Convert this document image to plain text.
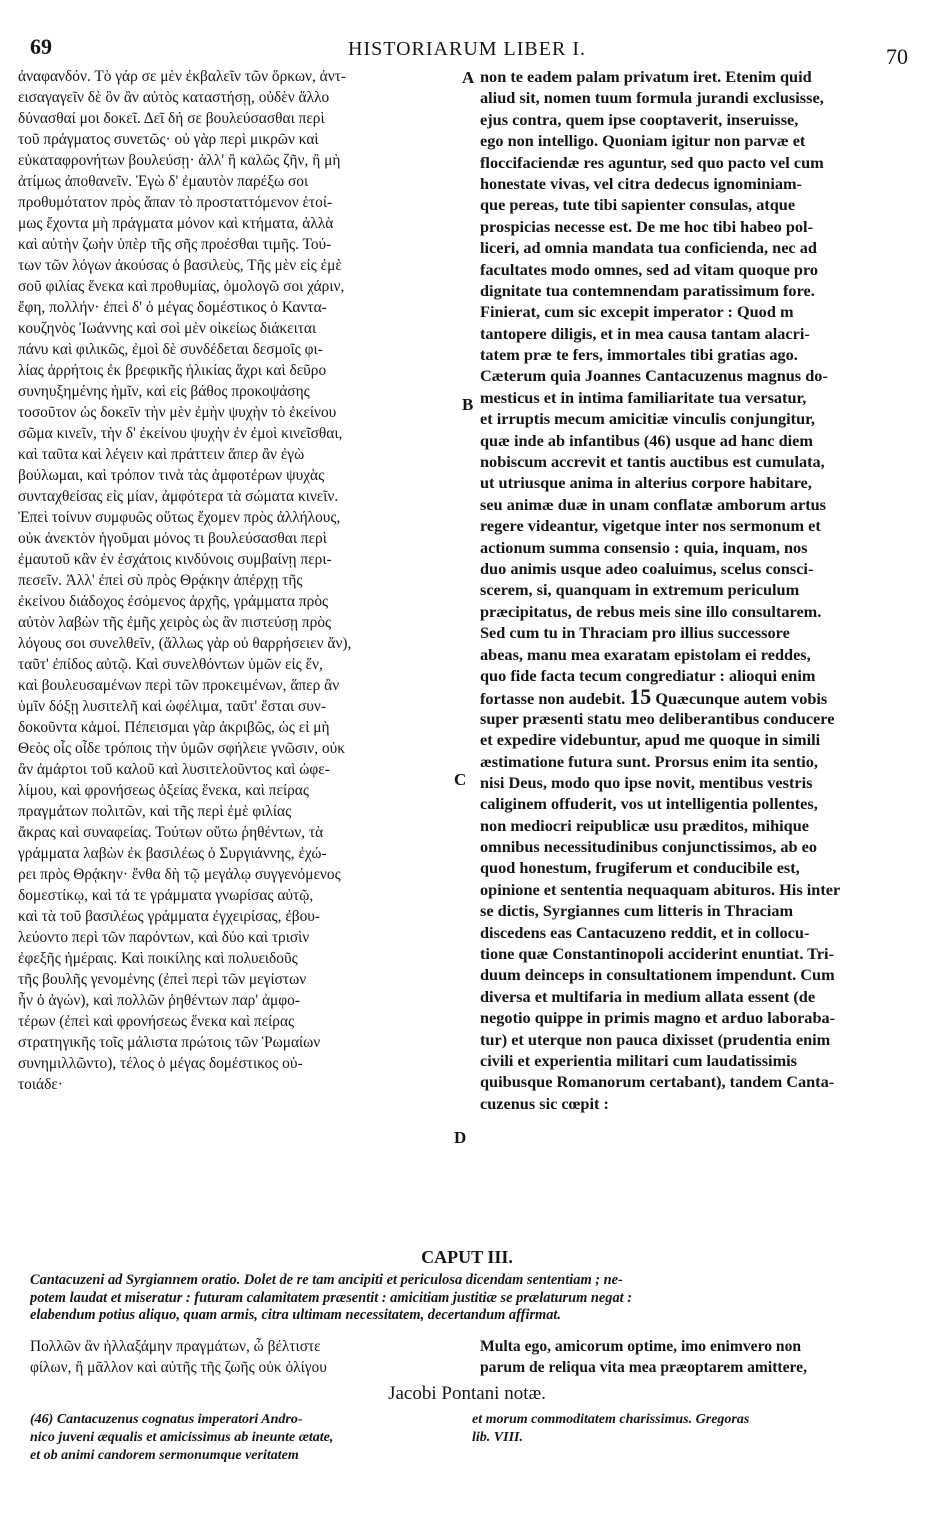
69	HISTORIARUM LIBER I.	70
ἀναφανδόν. Τὸ γάρ σε μὲν ἐκβαλεῖν τῶν ὅρκων, ἀντ-
εισαγαγεῖν δὲ ὃν ἂν αὐτὸς καταστήσῃ, οὐδὲν ἄλλο
δύνασθαί μοι δοκεῖ. Δεῖ δή σε βουλεύσασθαι περὶ
τοῦ πράγματος συνετῶς· οὐ γὰρ περὶ μικρῶν καὶ
εὐκαταφρονήτων βουλεύσῃ· ἀλλ' ἢ καλῶς ζῆν, ἢ μὴ
ἀτίμως ἀποθανεῖν. Ἐγὼ δ' ἐμαυτὸν παρέξω σοι
προθυμότατον πρὸς ἅπαν τὸ προσταττόμενον ἑτοί-
μως ἔχοντα μὴ πράγματα μόνον καὶ κτήματα, ἀλλὰ
καὶ αὐτὴν ζωὴν ὑπὲρ τῆς σῆς προέσθαι τιμῆς. Τού-
των τῶν λόγων ἀκούσας ὁ βασιλεὺς, Τῆς μὲν εἰς ἐμὲ
σοῦ φιλίας ἕνεκα καὶ προθυμίας, ὁμολογῶ σοι χάριν,
ἔφη, πολλήν· ἐπεὶ δ' ὁ μέγας δομέστικος ὁ Καντα-
κουζηνὸς Ἰωάννης καὶ σοὶ μὲν οἰκείως διάκειται
πάνυ καὶ φιλικῶς, ἐμοὶ δὲ συνδέδεται δεσμοῖς φι-
λίας ἀρρήτοις ἐκ βρεφικῆς ἡλικίας ἄχρι καὶ δεῦρο
συνηυξημένης ἡμῖν, καὶ εἰς βάθος προκοψάσης
τοσοῦτον ὡς δοκεῖν τὴν μὲν ἐμὴν ψυχὴν τὸ ἐκείνου
σῶμα κινεῖν, τὴν δ' ἐκείνου ψυχὴν ἐν ἐμοὶ κινεῖσθαι,
καὶ ταῦτα καὶ λέγειν καὶ πράττειν ἅπερ ἂν ἐγὼ
βούλωμαι, καὶ τρόπον τινὰ τὰς ἀμφοτέρων ψυχὰς
συνταχθείσας εἰς μίαν, ἀμφότερα τὰ σώματα κινεῖν.
Ἐπεὶ τοίνυν συμφυῶς οὕτως ἔχομεν πρὸς ἀλλήλους,
οὐκ ἀνεκτὸν ἡγοῦμαι μόνος τι βουλεύσασθαι περὶ
ἐμαυτοῦ κἂν ἐν ἐσχάτοις κινδύνοις συμβαίνῃ περι-
πεσεῖν. Ἀλλ' ἐπεὶ σὺ πρὸς Θρᾴκην ἀπέρχῃ τῆς
ἐκείνου διάδοχος ἐσόμενος ἀρχῆς, γράμματα πρὸς
αὐτὸν λαβὼν τῆς ἐμῆς χειρὸς ὡς ἂν πιστεύσῃ πρὸς
λόγους σοι συνελθεῖν, (ἄλλως γὰρ οὐ θαρρήσειεν ἄν),
ταῦτ' ἐπίδος αὐτῷ. Καὶ συνελθόντων ὑμῶν εἰς ἕν,
καὶ βουλευσαμένων περὶ τῶν προκειμένων, ἅπερ ἂν
ὑμῖν δόξῃ λυσιτελῆ καὶ ὠφέλιμα, ταῦτ' ἔσται συν-
δοκοῦντα κἀμοί. Πέπεισμαι γὰρ ἀκριβῶς, ὡς εἰ μὴ
Θεὸς οἷς οἶδε τρόποις τὴν ὑμῶν σφήλειε γνῶσιν, οὐκ
ἂν ἁμάρτοι τοῦ καλοῦ καὶ λυσιτελοῦντος καὶ ὠφε-
λίμου, καὶ φρονήσεως ὀξείας ἕνεκα, καὶ πείρας
πραγμάτων πολιτῶν, καὶ τῆς περὶ ἐμὲ φιλίας
ἄκρας καὶ συναφείας. Τούτων οὕτω ῥηθέντων, τὰ
γράμματα λαβὼν ἐκ βασιλέως ὁ Συργιάννης, ἐχώ-
ρει πρὸς Θρᾴκην· ἔνθα δὴ τῷ μεγάλῳ συγγενόμενος
δομεστίκῳ, καὶ τά τε γράμματα γνωρίσας αὐτῷ,
καὶ τὰ τοῦ βασιλέως γράμματα ἐγχειρίσας, ἐβου-
λεύοντο περὶ τῶν παρόντων, καὶ δύο καὶ τρισὶν
ἐφεξῆς ἡμέραις. Καὶ ποικίλης καὶ πολυειδοῦς
τῆς βουλῆς γενομένης (ἐπεὶ περὶ τῶν μεγίστων
ἦν ὁ ἀγών), καὶ πολλῶν ῥηθέντων παρ' ἀμφο-
τέρων (ἐπεὶ καὶ φρονήσεως ἕνεκα καὶ πείρας
στρατηγικῆς τοῖς μάλιστα πρώτοις τῶν Ῥωμαίων
συνημιλλῶντο), τέλος ὁ μέγας δομέστικος οὑ-
τοιάδε·
non te eadem palam privatum iret. Etenim quid
aliud sit, nomen tuum formula jurandi exclusisse,
ejus contra, quem ipse cooptaverit, inseruisse,
ego non intelligo. Quoniam igitur non parvæ et
floccifaciendæ res aguntur, sed quo pacto vel cum
honestate vivas, vel citra dedecus ignominiam-
que pereas, tute tibi sapienter consulas, atque
prospicias necesse est. De me hoc tibi habeo pol-
liceri, ad omnia mandata tua conficienda, nec ad
facultates modo omnes, sed ad vitam quoque pro
dignitate tua contemnendam paratissimum fore.
Finierat, cum sic excepit imperator : Quod m
tantopere diligis, et in mea causa tantam alacri-
tatem præ te fers, immortales tibi gratias ago.
Cæterum quia Joannes Cantacuzenus magnus do-
mesticus et in intima familiaritate tua versatur,
et irruptis mecum amicitiæ vinculis conjungitur,
quæ inde ab infantibus (46) usque ad hanc diem
nobiscum accrevit et tantis auctibus est cumulata,
ut utriusque anima in alterius corpore habitare,
seu animæ duæ in unam conflatæ amborum artus
regere videantur, vigetque inter nos sermonum et
actionum summa consensio : quia, inquam, nos
duo animis usque adeo coaluimus, scelus consci-
scerem, si, quanquam in extremum periculum
præcipitatus, de rebus meis sine illo consultarem.
Sed cum tu in Thraciam pro illius successore
abeas, manu mea exaratam epistolam ei reddes,
quo fide facta tecum congrediatur : alioqui enim
fortasse non audebit. 15 Quæcunque autem vobis
super præsenti statu meo deliberantibus conducere
et expedire videbuntur, apud me quoque in simili
æstimatione futura sunt. Prorsus enim ita sentio,
nisi Deus, modo quo ipse novit, mentibus vestris
caliginem offuderit, vos ut intelligentia pollentes,
non mediocri reipublicæ usu præditos, mihique
omnibus necessitudinibus conjunctissimos, ab eo
quod honestum, frugiferum et conducibile est,
opinione et sententia nequaquam abituros. His inter
se dictis, Syrgiannes cum litteris in Thraciam
discedens eas Cantacuzeno reddit, et in collocu-
tione quæ Constantinopoli acciderint enuntiat. Tri-
duum deinceps in consultationem impendunt. Cum
diversa et multifaria in medium allata essent (de
negotio quippe in primis magno et arduo laboraba-
tur) et uterque non pauca dixisset (prudentia enim
civili et experientia militari cum laudatissimis
quibusque Romanorum certabant), tandem Canta-
cuzenus sic cœpit :
A
B
C
D
CAPUT III.
Cantacuzeni ad Syrgiannem oratio. Dolet de re tam ancipiti et periculosa dicendam sententiam ; ne-
potem laudat et miseratur : futuram calamitatem præsentit : amicitiam justitiæ se prælaturum negat :
elabendum potius aliquo, quam armis, citra ultimam necessitatem, decertandum affirmat.
Πολλῶν ἂν ἠλλαξάμην πραγμάτων, ὦ βέλτιστε
φίλων, ἢ μᾶλλον καὶ αὐτῆς τῆς ζωῆς οὐκ ὀλίγου
Multa ego, amicorum optime, imo enimvero non
parum de reliqua vita mea præoptarem amittere,
Jacobi Pontani notæ.
(46) Cantacuzenus cognatus imperatori Andro-
nico juveni æqualis et amicissimus ab ineunte ætate,
et ob animi candorem sermonumque veritatem
et morum commoditatem charissimus. Gregoras
lib. VIII.
